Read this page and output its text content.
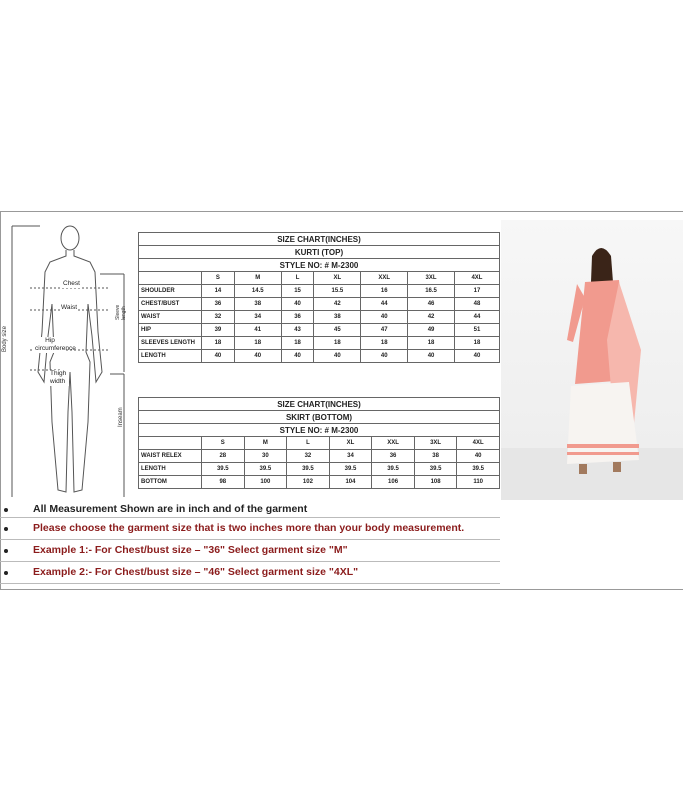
Body size
Chest
Waist
Hip circumference
Thigh width
Sleeve length
Inseam
SIZE CHART(INCHES)							
KURTI (TOP)							
STYLE NO: # M-2300							
	S	M	L	XL	XXL	3XL	4XL
SHOULDER	14	14.5	15	15.5	16	16.5	17
CHEST/BUST	36	38	40	42	44	46	48
WAIST	32	34	36	38	40	42	44
HIP	39	41	43	45	47	49	51
SLEEVES LENGTH	18	18	18	18	18	18	18
LENGTH	40	40	40	40	40	40	40
SIZE CHART(INCHES)							
SKIRT (BOTTOM)							
STYLE NO: # M-2300							
	S	M	L	XL	XXL	3XL	4XL
WAIST RELEX	28	30	32	34	36	38	40
LENGTH	39.5	39.5	39.5	39.5	39.5	39.5	39.5
BOTTOM	98	100	102	104	106	108	110
All Measurement Shown are in inch and of the garment
Please choose the garment size that is two inches more than your body measurement.
Example 1:- For Chest/bust size – "36" Select garment size "M"
Example 2:- For Chest/bust size – "46" Select garment size "4XL"
